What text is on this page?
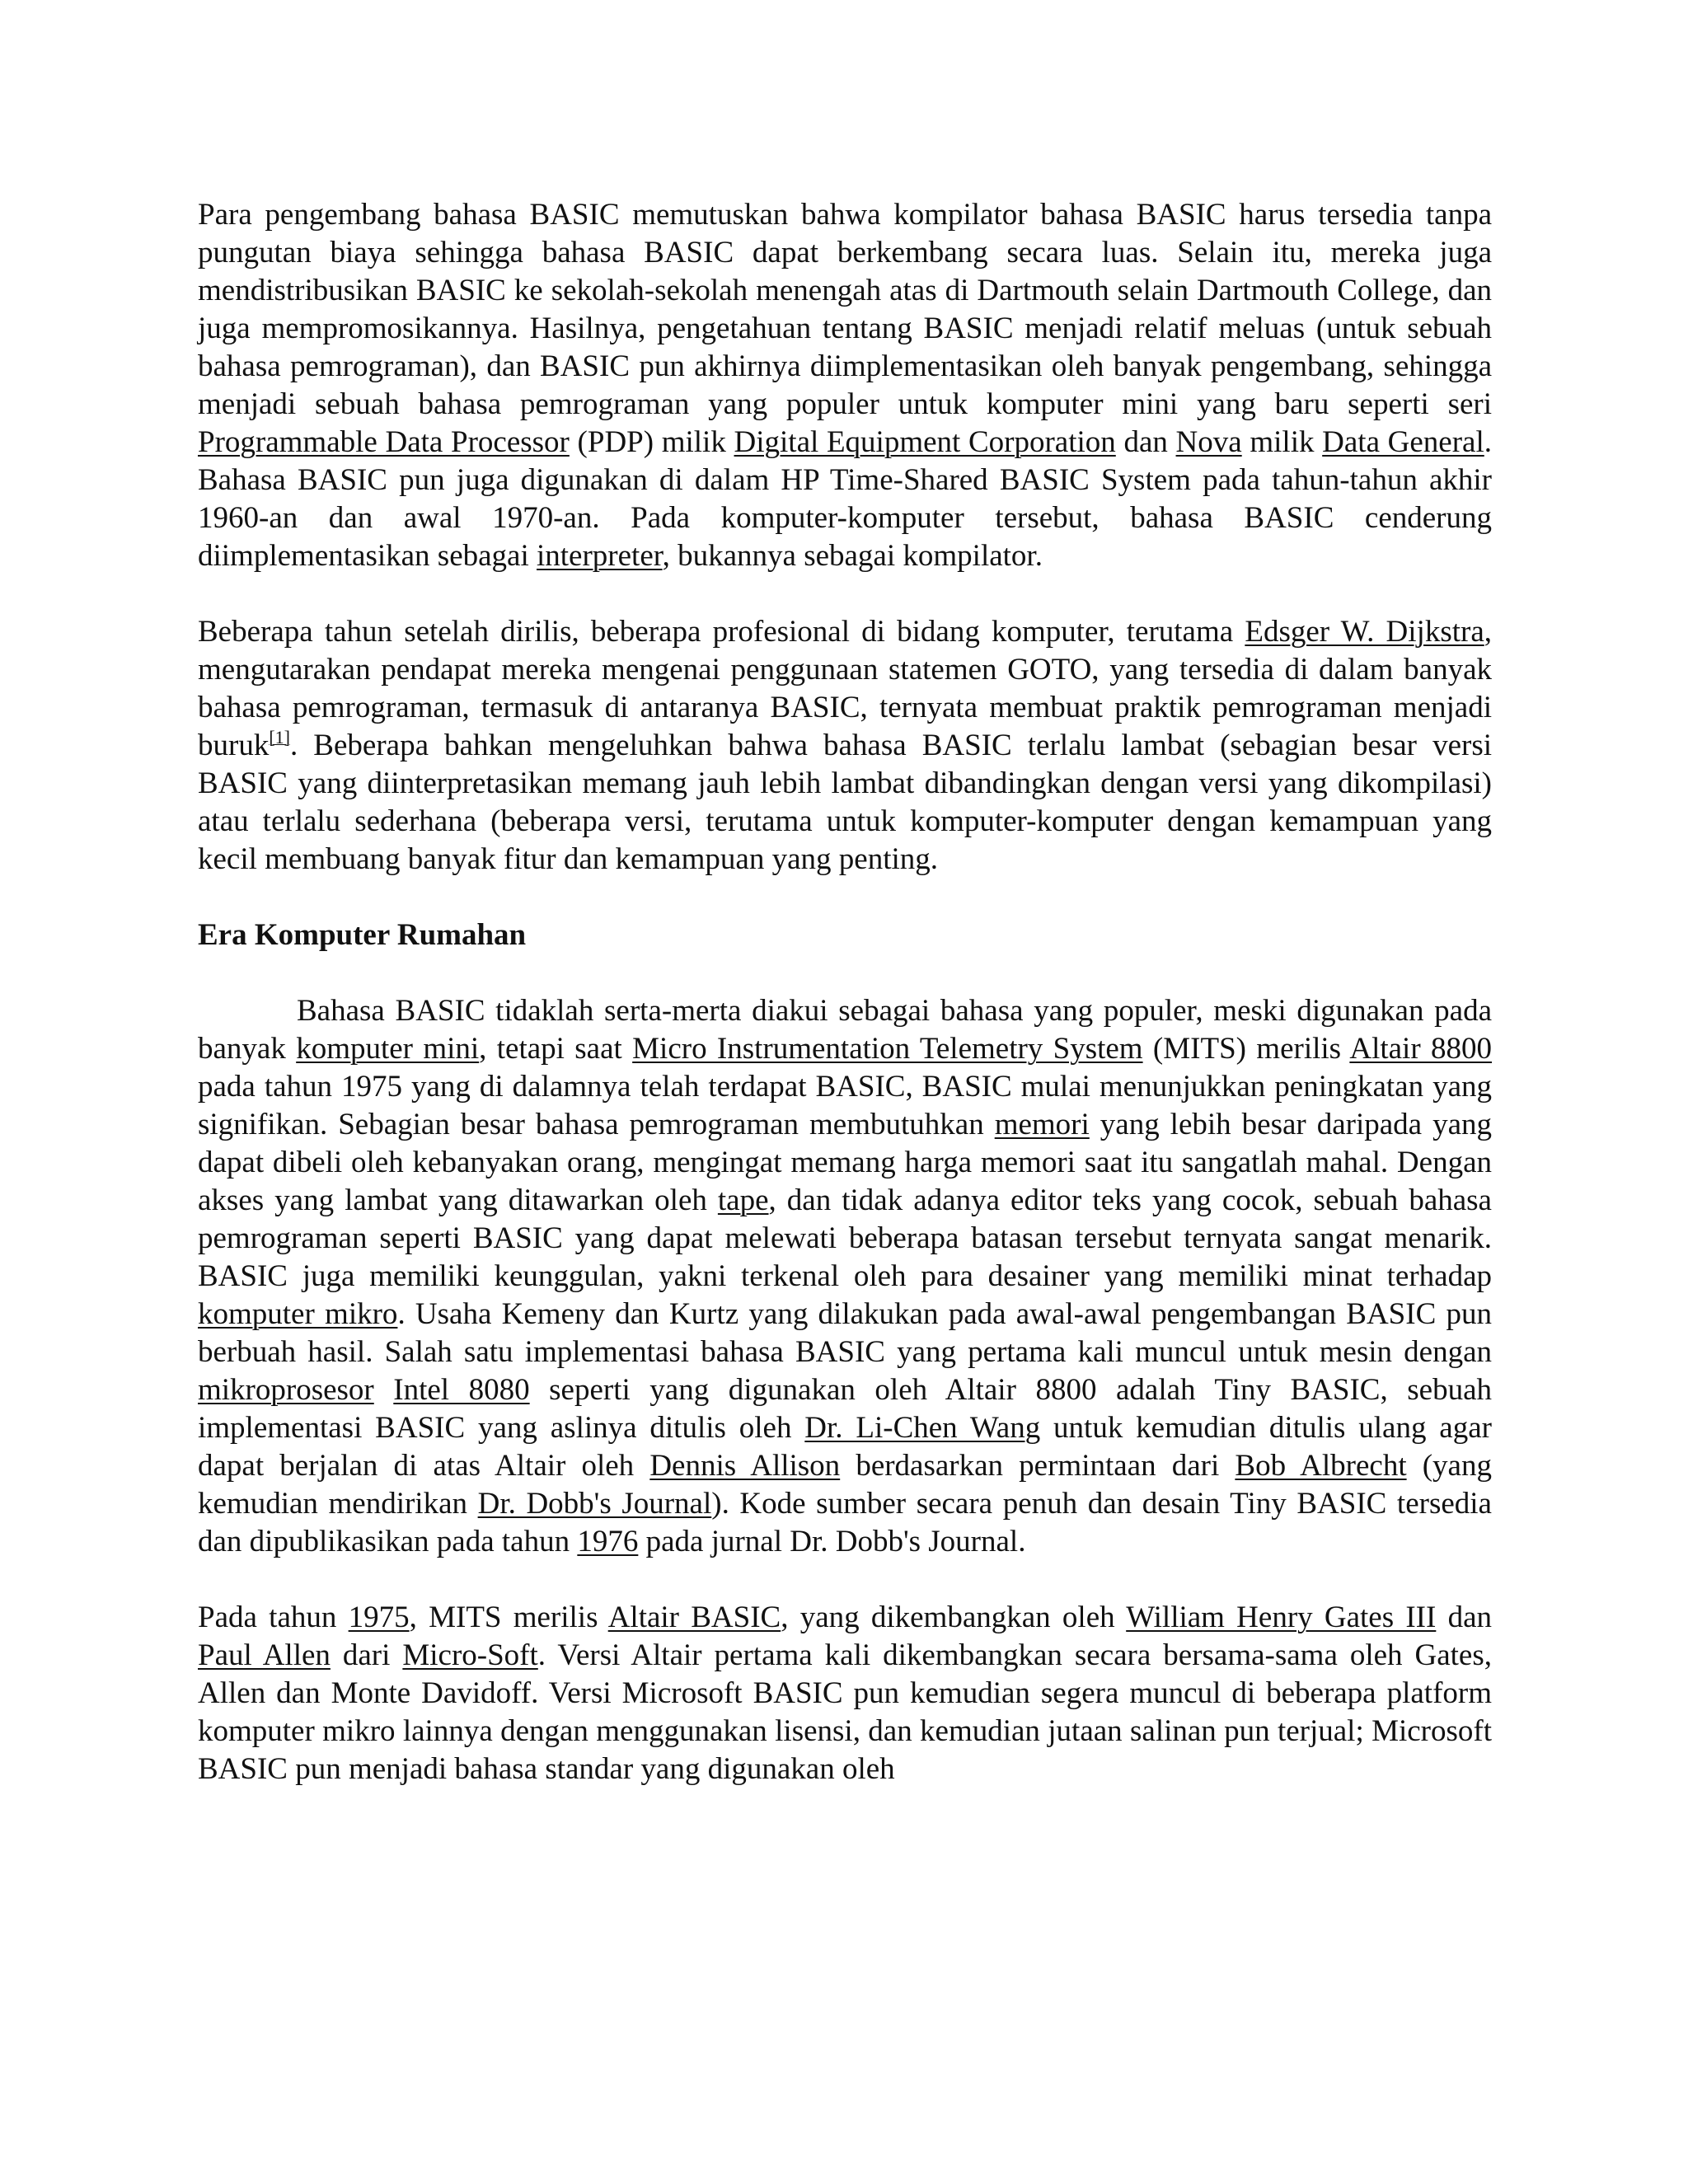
Para pengembang bahasa BASIC memutuskan bahwa kompilator bahasa BASIC harus tersedia tanpa pungutan biaya sehingga bahasa BASIC dapat berkembang secara luas. Selain itu, mereka juga mendistribusikan BASIC ke sekolah-sekolah menengah atas di Dartmouth selain Dartmouth College, dan juga mempromosikannya. Hasilnya, pengetahuan tentang BASIC menjadi relatif meluas (untuk sebuah bahasa pemrograman), dan BASIC pun akhirnya diimplementasikan oleh banyak pengembang, sehingga menjadi sebuah bahasa pemrograman yang populer untuk komputer mini yang baru seperti seri Programmable Data Processor (PDP) milik Digital Equipment Corporation dan Nova milik Data General. Bahasa BASIC pun juga digunakan di dalam HP Time-Shared BASIC System pada tahun-tahun akhir 1960-an dan awal 1970-an. Pada komputer-komputer tersebut, bahasa BASIC cenderung diimplementasikan sebagai interpreter, bukannya sebagai kompilator.

Beberapa tahun setelah dirilis, beberapa profesional di bidang komputer, terutama Edsger W. Dijkstra, mengutarakan pendapat mereka mengenai penggunaan statemen GOTO, yang tersedia di dalam banyak bahasa pemrograman, termasuk di antaranya BASIC, ternyata membuat praktik pemrograman menjadi buruk[1]. Beberapa bahkan mengeluhkan bahwa bahasa BASIC terlalu lambat (sebagian besar versi BASIC yang diinterpretasikan memang jauh lebih lambat dibandingkan dengan versi yang dikompilasi) atau terlalu sederhana (beberapa versi, terutama untuk komputer-komputer dengan kemampuan yang kecil membuang banyak fitur dan kemampuan yang penting.

Era Komputer Rumahan

Bahasa BASIC tidaklah serta-merta diakui sebagai bahasa yang populer, meski digunakan pada banyak komputer mini, tetapi saat Micro Instrumentation Telemetry System (MITS) merilis Altair 8800 pada tahun 1975 yang di dalamnya telah terdapat BASIC, BASIC mulai menunjukkan peningkatan yang signifikan. Sebagian besar bahasa pemrograman membutuhkan memori yang lebih besar daripada yang dapat dibeli oleh kebanyakan orang, mengingat memang harga memori saat itu sangatlah mahal. Dengan akses yang lambat yang ditawarkan oleh tape, dan tidak adanya editor teks yang cocok, sebuah bahasa pemrograman seperti BASIC yang dapat melewati beberapa batasan tersebut ternyata sangat menarik. BASIC juga memiliki keunggulan, yakni terkenal oleh para desainer yang memiliki minat terhadap komputer mikro. Usaha Kemeny dan Kurtz yang dilakukan pada awal-awal pengembangan BASIC pun berbuah hasil. Salah satu implementasi bahasa BASIC yang pertama kali muncul untuk mesin dengan mikroprosesor Intel 8080 seperti yang digunakan oleh Altair 8800 adalah Tiny BASIC, sebuah implementasi BASIC yang aslinya ditulis oleh Dr. Li-Chen Wang untuk kemudian ditulis ulang agar dapat berjalan di atas Altair oleh Dennis Allison berdasarkan permintaan dari Bob Albrecht (yang kemudian mendirikan Dr. Dobb's Journal). Kode sumber secara penuh dan desain Tiny BASIC tersedia dan dipublikasikan pada tahun 1976 pada jurnal Dr. Dobb's Journal.

Pada tahun 1975, MITS merilis Altair BASIC, yang dikembangkan oleh William Henry Gates III dan Paul Allen dari Micro-Soft. Versi Altair pertama kali dikembangkan secara bersama-sama oleh Gates, Allen dan Monte Davidoff. Versi Microsoft BASIC pun kemudian segera muncul di beberapa platform komputer mikro lainnya dengan menggunakan lisensi, dan kemudian jutaan salinan pun terjual; Microsoft BASIC pun menjadi bahasa standar yang digunakan oleh
